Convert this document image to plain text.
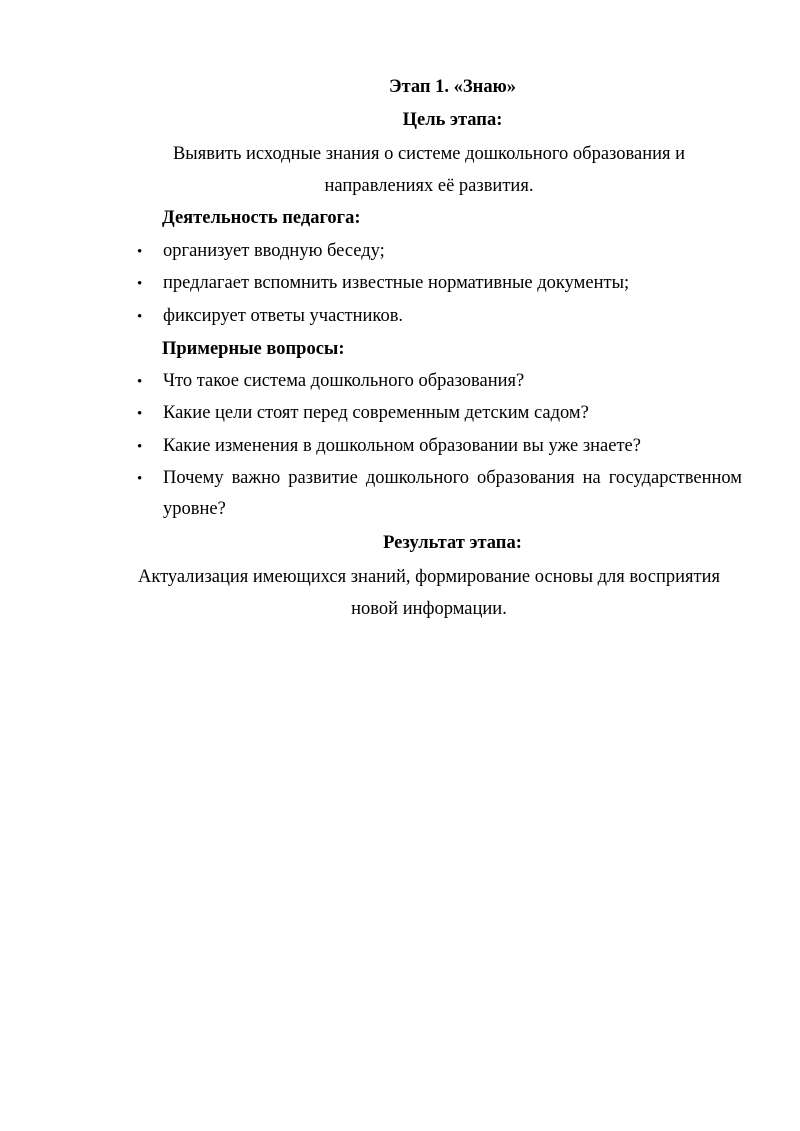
Этап 1. «Знаю»
Цель этапа:
Выявить исходные знания о системе дошкольного образования и
направлениях её развития.
Деятельность педагога:
• организует вводную беседу;
• предлагает вспомнить известные нормативные документы;
• фиксирует ответы участников.
Примерные вопросы:
• Что такое система дошкольного образования?
• Какие цели стоят перед современным детским садом?
• Какие изменения в дошкольном образовании вы уже знаете?
• Почему важно развитие дошкольного образования на государственном
уровне?
Результат этапа:
Актуализация имеющихся знаний, формирование основы для восприятия
новой информации.
